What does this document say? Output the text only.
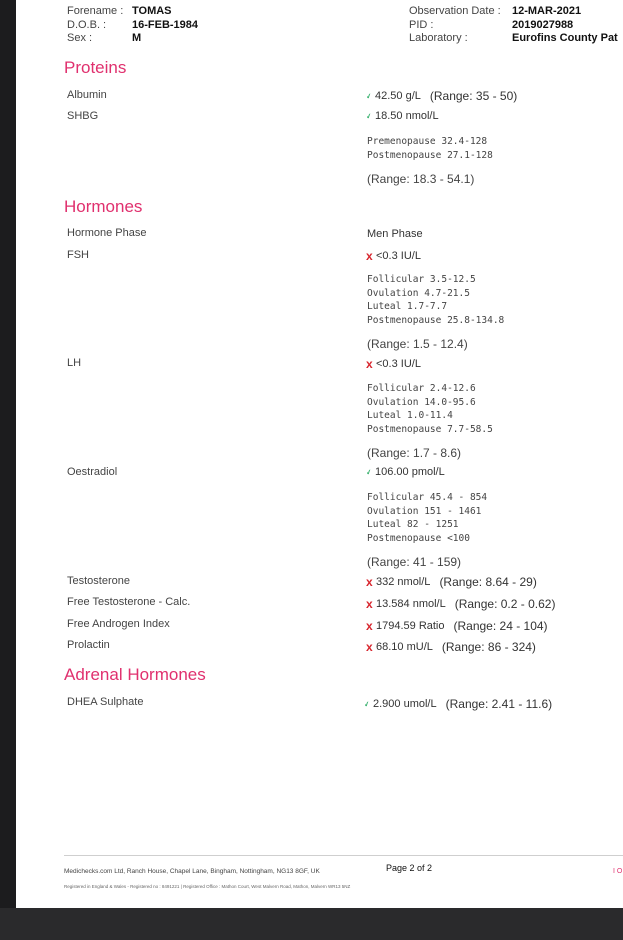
Forename : TOMAS
D.O.B. : 16-FEB-1984
Sex :	M
Observation Date : 12-MAR-2021
PID :	2019027988
Laboratory :	Eurofins County Pat
Proteins
Albumin	✔ 42.50 g/L (Range: 35 - 50)
SHBG	✔ 18.50 nmol/L
Premenopause 32.4-128
Postmenopause 27.1-128
(Range: 18.3 - 54.1)
Hormones
Hormone Phase	Men Phase
FSH	x <0.3 IU/L
Follicular 3.5-12.5
Ovulation 4.7-21.5
Luteal 1.7-7.7
Postmenopause 25.8-134.8
(Range: 1.5 - 12.4)
LH	x <0.3 IU/L
Follicular 2.4-12.6
Ovulation 14.0-95.6
Luteal 1.0-11.4
Postmenopause 7.7-58.5
(Range: 1.7 - 8.6)
Oestradiol	✔ 106.00 pmol/L
Follicular 45.4 - 854
Ovulation 151 - 1461
Luteal 82 - 1251
Postmenopause <100
(Range: 41 - 159)
Testosterone	x 332 nmol/L (Range: 8.64 - 29)
Free Testosterone - Calc.	x 13.584 nmol/L (Range: 0.2 - 0.62)
Free Androgen Index	x 1794.59 Ratio (Range: 24 - 104)
Prolactin	x 68.10 mU/L (Range: 86 - 324)
Adrenal Hormones
DHEA Sulphate	✔ 2.900 umol/L (Range: 2.41 - 11.6)
Medichecks.com Ltd, Ranch House, Chapel Lane, Bingham, Nottingham, NG13 8GF, UK	Page 2 of 2
Registered in England & Wales - Registered no : 8491221 | Registered Office : Mathon Court, West Malvern Road, Mathon, Malvern WR13 5NZ
I O
